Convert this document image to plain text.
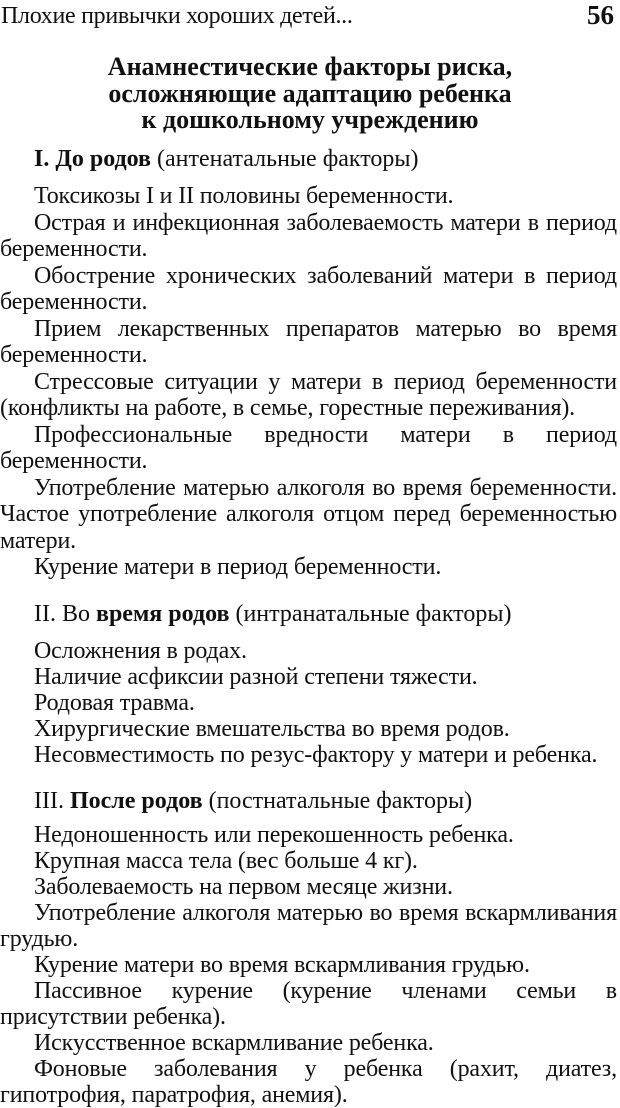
Плохие привычки хороших детей...	56
Анамнестические факторы риска,
осложняющие адаптацию ребенка
к дошкольному учреждению
I. До родов (антенатальные факторы)

Токсикозы I и II половины беременности.

Острая и инфекционная заболеваемость матери в период беременности.

Обострение хронических заболеваний матери в период беременности.

Прием лекарственных препаратов матерью во время беременности.

Стрессовые ситуации у матери в период беременности (конфликты на работе, в семье, горестные переживания).

Профессиональные вредности матери в период беременности.

Употребление матерью алкоголя во время беременности. Частое употребление алкоголя отцом перед беременностью матери.

Курение матери в период беременности.

II. Во время родов (интранатальные факторы)

Осложнения в родах.

Наличие асфиксии разной степени тяжести.

Родовая травма.

Хирургические вмешательства во время родов.

Несовместимость по резус-фактору у матери и ребенка.

III. После родов (постнатальные факторы)

Недоношенность или перекошенность ребенка.

Крупная масса тела (вес больше 4 кг).

Заболеваемость на первом месяце жизни.

Употребление алкоголя матерью во время вскармливания грудью.

Курение матери во время вскармливания грудью.

Пассивное курение (курение членами семьи в присутствии ребенка).

Искусственное вскармливание ребенка.

Фоновые заболевания у ребенка (рахит, диатез, гипотрофия, паратрофия, анемия).
